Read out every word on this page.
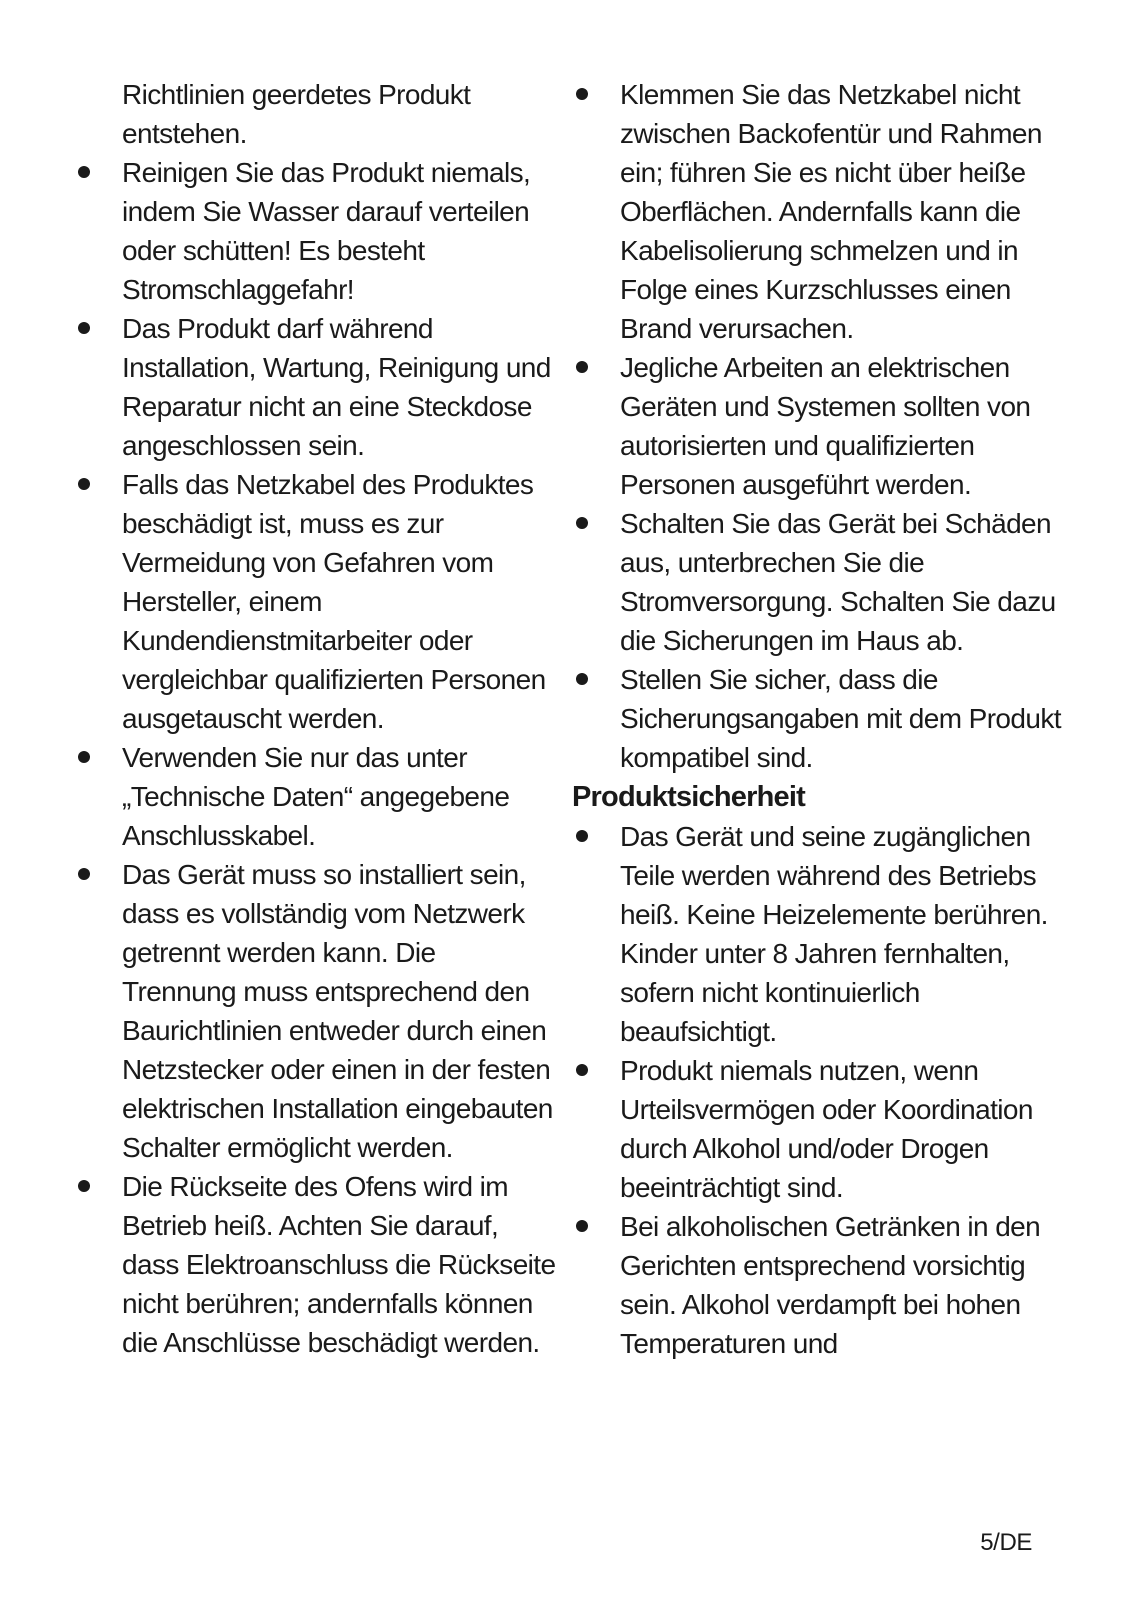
Richtlinien geerdetes Produkt entstehen.

Reinigen Sie das Produkt niemals, indem Sie Wasser darauf verteilen oder schütten! Es besteht Stromschlaggefahr!
Das Produkt darf während Installation, Wartung, Reinigung und Reparatur nicht an eine Steckdose angeschlossen sein.
Falls das Netzkabel des Produktes beschädigt ist, muss es zur Vermeidung von Gefahren vom Hersteller, einem Kundendienstmitarbeiter oder vergleichbar qualifizierten Personen ausgetauscht werden.
Verwenden Sie nur das unter „Technische Daten“ angegebene Anschlusskabel.
Das Gerät muss so installiert sein, dass es vollständig vom Netzwerk getrennt werden kann. Die Trennung muss entsprechend den Baurichtlinien entweder durch einen Netzstecker oder einen in der festen elektrischen Installation eingebauten Schalter ermöglicht werden.
Die Rückseite des Ofens wird im Betrieb heiß. Achten Sie darauf, dass Elektroanschluss die Rückseite nicht berühren; andernfalls können die Anschlüsse beschädigt werden.
Klemmen Sie das Netzkabel nicht zwischen Backofentür und Rahmen ein; führen Sie es nicht über heiße Oberflächen. Andernfalls kann die Kabelisolierung schmelzen und in Folge eines Kurzschlusses einen Brand verursachen.
Jegliche Arbeiten an elektrischen Geräten und Systemen sollten von autorisierten und qualifizierten Personen ausgeführt werden.
Schalten Sie das Gerät bei Schäden aus, unterbrechen Sie die Stromversorgung. Schalten Sie dazu die Sicherungen im Haus ab.
Stellen Sie sicher, dass die Sicherungsangaben mit dem Produkt kompatibel sind.
Produktsicherheit
Das Gerät und seine zugänglichen Teile werden während des Betriebs heiß. Keine Heizelemente berühren. Kinder unter 8 Jahren fernhalten, sofern nicht kontinuierlich beaufsichtigt.
Produkt niemals nutzen, wenn Urteilsvermögen oder Koordination durch Alkohol und/oder Drogen beeinträchtigt sind.
Bei alkoholischen Getränken in den Gerichten entsprechend vorsichtig sein. Alkohol verdampft bei hohen Temperaturen und
5/DE
